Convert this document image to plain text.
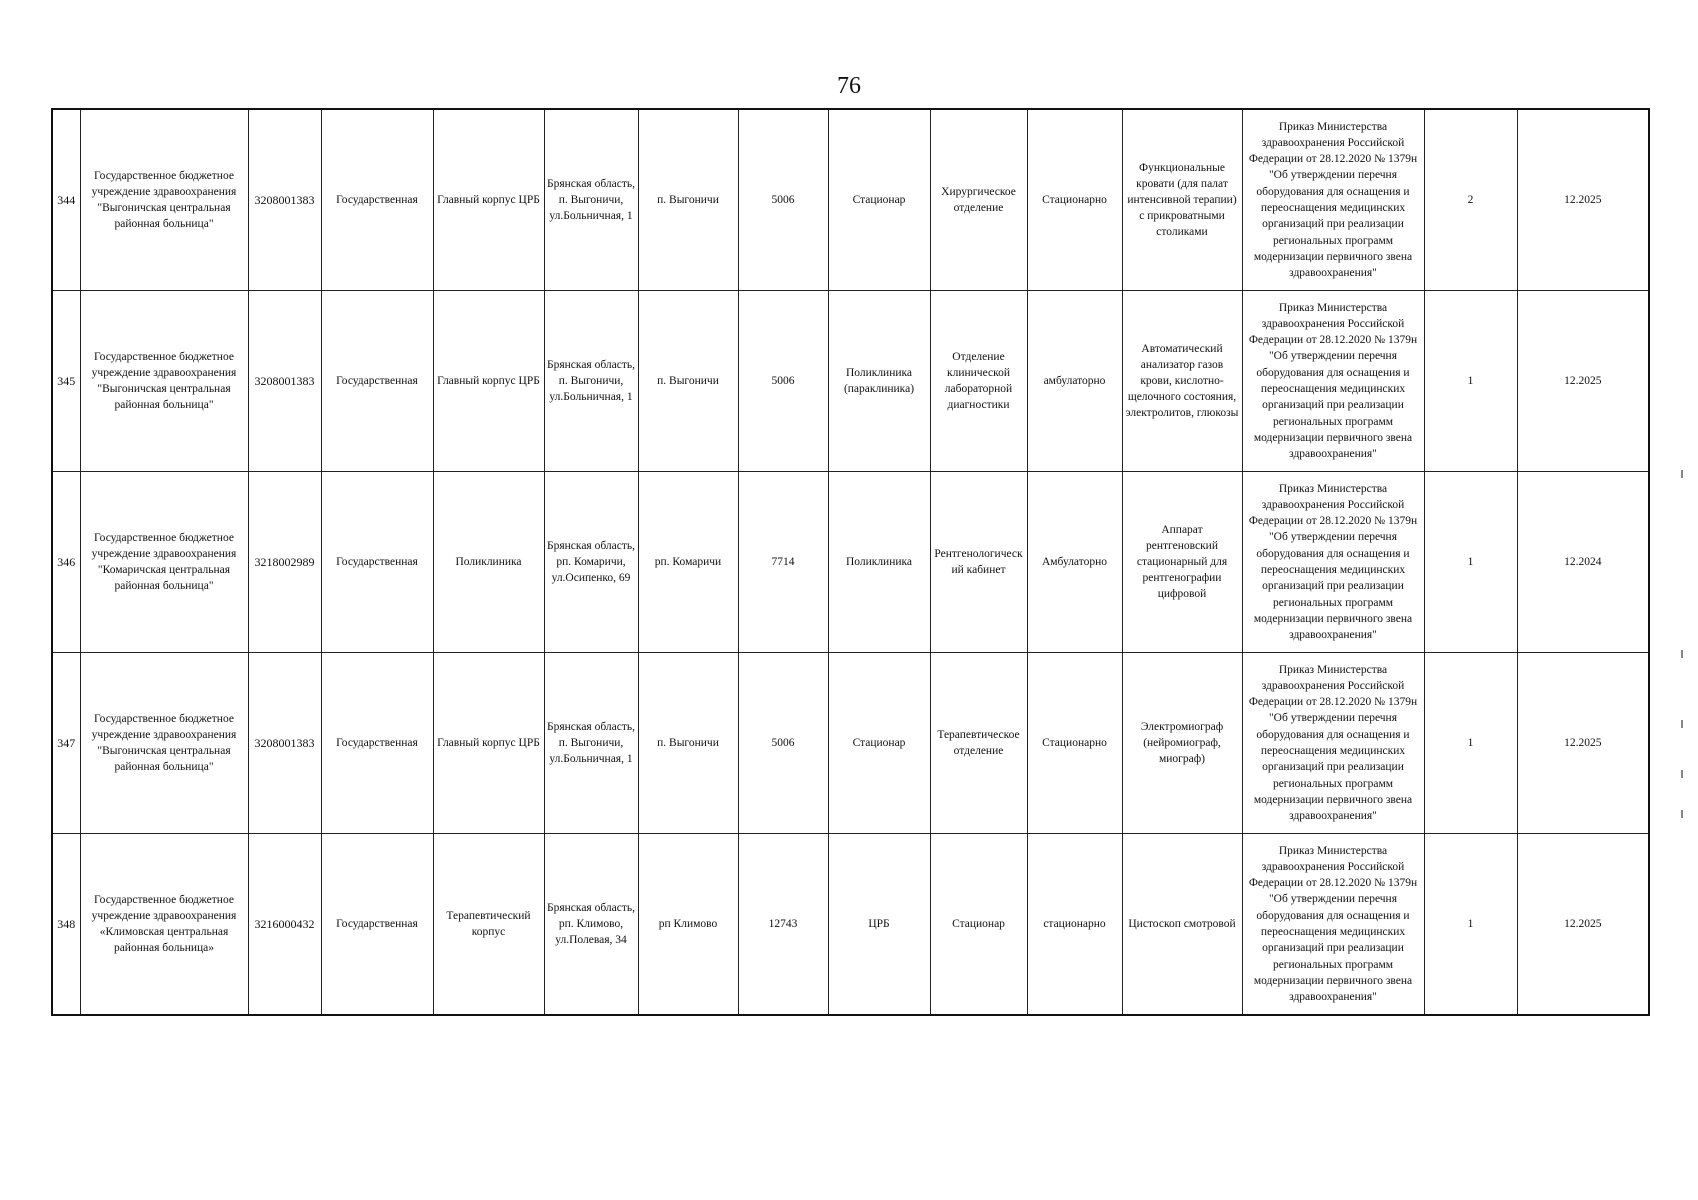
76
344	Государственное бюджетное учреждение здравоохранения "Выгоничская центральная районная больница"	3208001383	Государственная	Главный корпус ЦРБ	Брянская область, п. Выгоничи, ул.Больничная, 1	п. Выгоничи	5006	Стационар	Хирургическое отделение	Стационарно	Функциональные кровати (для палат интенсивной терапии) с прикроватными столиками	Приказ Министерства здравоохранения Российской Федерации от 28.12.2020 № 1379н "Об утверждении перечня оборудования для оснащения и переоснащения медицинских организаций при реализации региональных программ модернизации первичного звена здравоохранения"	2	12.2025
345	Государственное бюджетное учреждение здравоохранения "Выгоничская центральная районная больница"	3208001383	Государственная	Главный корпус ЦРБ	Брянская область, п. Выгоничи, ул.Больничная, 1	п. Выгоничи	5006	Поликлиника (параклиника)	Отделение клинической лабораторной диагностики	амбулаторно	Автоматический анализатор газов крови, кислотно-щелочного состояния, электролитов, глюкозы	Приказ Министерства здравоохранения Российской Федерации от 28.12.2020 № 1379н "Об утверждении перечня оборудования для оснащения и переоснащения медицинских организаций при реализации региональных программ модернизации первичного звена здравоохранения"	1	12.2025
346	Государственное бюджетное учреждение здравоохранения "Комаричская центральная районная больница"	3218002989	Государственная	Поликлиника	Брянская область, рп. Комаричи, ул.Осипенко, 69	рп. Комаричи	7714	Поликлиника	Рентгенологический кабинет	Амбулаторно	Аппарат рентгеновский стационарный для рентгенографии цифровой	Приказ Министерства здравоохранения Российской Федерации от 28.12.2020 № 1379н "Об утверждении перечня оборудования для оснащения и переоснащения медицинских организаций при реализации региональных программ модернизации первичного звена здравоохранения"	1	12.2024
347	Государственное бюджетное учреждение здравоохранения "Выгоничская центральная районная больница"	3208001383	Государственная	Главный корпус ЦРБ	Брянская область, п. Выгоничи, ул.Больничная, 1	п. Выгоничи	5006	Стационар	Терапевтическое отделение	Стационарно	Электромиограф (нейромиограф, миограф)	Приказ Министерства здравоохранения Российской Федерации от 28.12.2020 № 1379н "Об утверждении перечня оборудования для оснащения и переоснащения медицинских организаций при реализации региональных программ модернизации первичного звена здравоохранения"	1	12.2025
348	Государственное бюджетное учреждение здравоохранения «Климовская центральная районная больница»	3216000432	Государственная	Терапевтический корпус	Брянская область, рп. Климово, ул.Полевая, 34	рп Климово	12743	ЦРБ	Стационар	стационарно	Цистоскоп смотровой	Приказ Министерства здравоохранения Российской Федерации от 28.12.2020 № 1379н "Об утверждении перечня оборудования для оснащения и переоснащения медицинских организаций при реализации региональных программ модернизации первичного звена здравоохранения"	1	12.2025
